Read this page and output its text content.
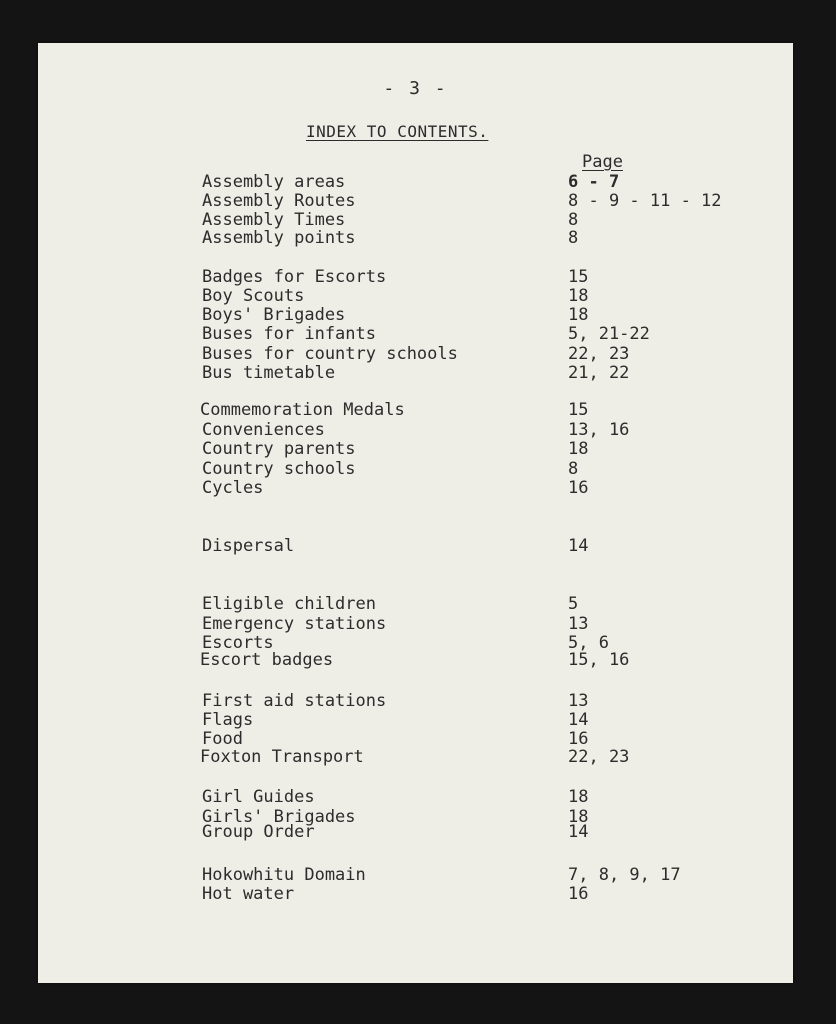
- 3 -
INDEX TO CONTENTS.
Page
Assembly areas	6 - 7
Assembly Routes	8 - 9 - 11 - 12
Assembly Times	8
Assembly points	8
Badges for Escorts	15
Boy Scouts	18
Boys' Brigades	18
Buses for infants	5, 21-22
Buses for country schools	22, 23
Bus timetable	21, 22
Commemoration Medals	15
Conveniences	13, 16
Country parents	18
Country schools	8
Cycles	16
Dispersal	14
Eligible children	5
Emergency stations	13
Escorts	5, 6
Escort badges	15, 16
First aid stations	13
Flags	14
Food	16
Foxton Transport	22, 23
Girl Guides	18
Girls' Brigades	18
Group Order	14
Hokowhitu Domain	7, 8, 9, 17
Hot water	16
